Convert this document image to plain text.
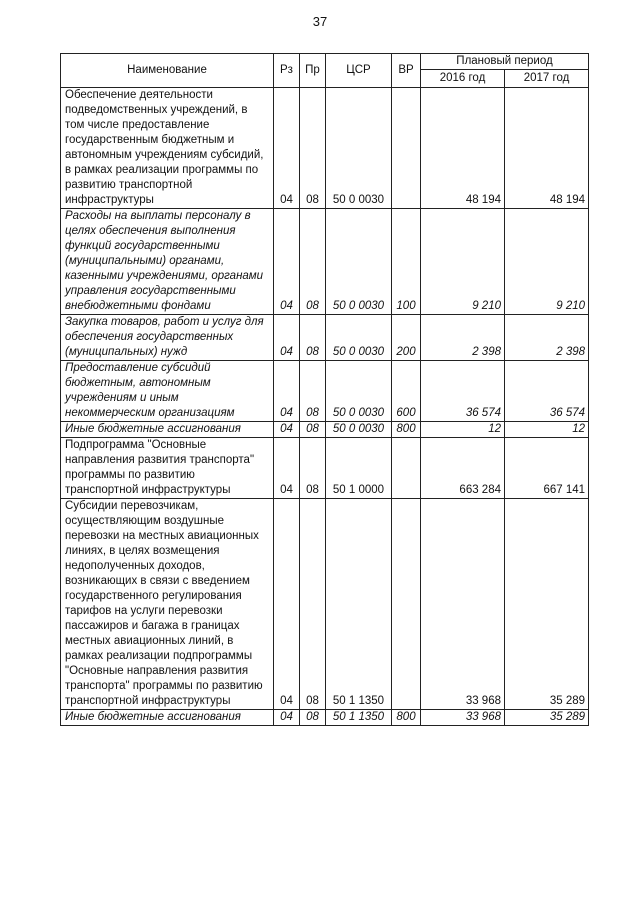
37
Наименование	Рз	Пр	ЦСР	ВР	Плановый период	
					2016 год	2017 год
Обеспечение деятельности подведомственных учреждений, в том числе предоставление государственным бюджетным и автономным учреждениям субсидий, в рамках реализации программы по развитию транспортной инфраструктуры	04	08	50 0 0030		48 194	48 194
Расходы на выплаты персоналу в целях обеспечения выполнения функций государственными (муниципальными) органами, казенными учреждениями, органами управления государственными внебюджетными фондами	04	08	50 0 0030	100	9 210	9 210
Закупка товаров, работ и услуг для обеспечения государственных (муниципальных) нужд	04	08	50 0 0030	200	2 398	2 398
Предоставление субсидий бюджетным, автономным учреждениям и иным некоммерческим организациям	04	08	50 0 0030	600	36 574	36 574
Иные бюджетные ассигнования	04	08	50 0 0030	800	12	12
Подпрограмма "Основные направления развития транспорта" программы по развитию транспортной инфраструктуры	04	08	50 1 0000		663 284	667 141
Субсидии перевозчикам, осуществляющим воздушные перевозки на местных авиационных линиях, в целях возмещения недополученных доходов, возникающих в связи с введением государственного регулирования тарифов на услуги перевозки пассажиров и багажа в границах местных авиационных линий, в рамках реализации подпрограммы "Основные направления развития транспорта" программы по развитию транспортной инфраструктуры	04	08	50 1 1350		33 968	35 289
Иные бюджетные ассигнования	04	08	50 1 1350	800	33 968	35 289
